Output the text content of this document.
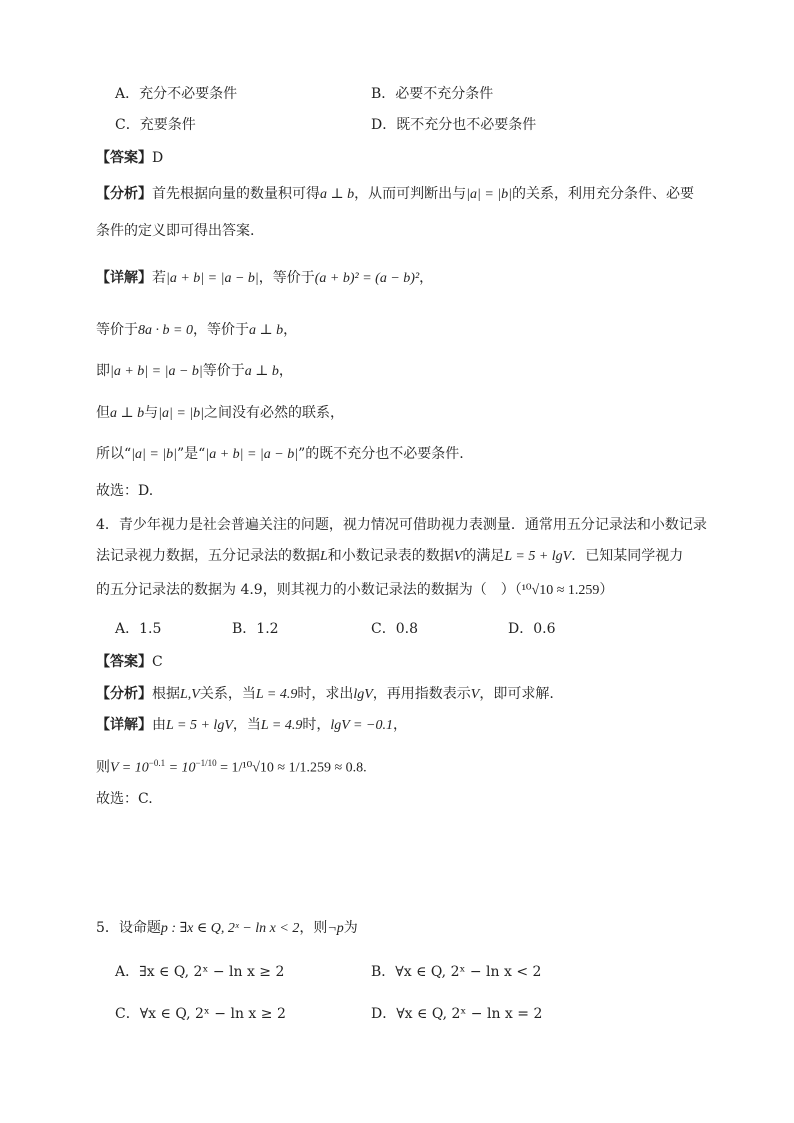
A．充分不必要条件	B．必要不充分条件
C．充要条件	D．既不充分也不必要条件
【答案】D
【分析】首先根据向量的数量积可得a ⊥ b，从而可判断出与|a| = |b|的关系，利用充分条件、必要
条件的定义即可得出答案.
【详解】若|a + b| = |a − b|，等价于(a + b)² = (a − b)²，
等价于8a · b = 0，等价于a ⊥ b，
即|a + b| = |a − b|等价于a ⊥ b，
但a ⊥ b与|a| = |b|之间没有必然的联系，
所以“|a| = |b|”是“|a + b| = |a − b|”的既不充分也不必要条件.
故选：D.
4．青少年视力是社会普遍关注的问题，视力情况可借助视力表测量．通常用五分记录法和小数记录
法记录视力数据，五分记录法的数据L和小数记录表的数据V的满足L = 5 + lgV．已知某同学视力
的五分记录法的数据为 4.9，则其视力的小数记录法的数据为（　）（¹⁰√10 ≈ 1.259）
A．1.5	B．1.2	C．0.8	D．0.6
【答案】C
【分析】根据L,V关系，当L = 4.9时，求出lgV，再用指数表示V，即可求解.
【详解】由L = 5 + lgV，当L = 4.9时，lgV = −0.1，
则$V = 10^{-0.1} = 10^{-1/10} = 1/^{10}√10 \approx 1/1.259 \approx 0.8$.
故选：C.
5．设命题p : ∃x ∈ Q, 2ˣ − ln x < 2，则¬p为
A．∃x ∈ Q, 2ˣ − ln x ≥ 2	B．∀x ∈ Q, 2ˣ − ln x < 2
C．∀x ∈ Q, 2ˣ − ln x ≥ 2	D．∀x ∈ Q, 2ˣ − ln x = 2
